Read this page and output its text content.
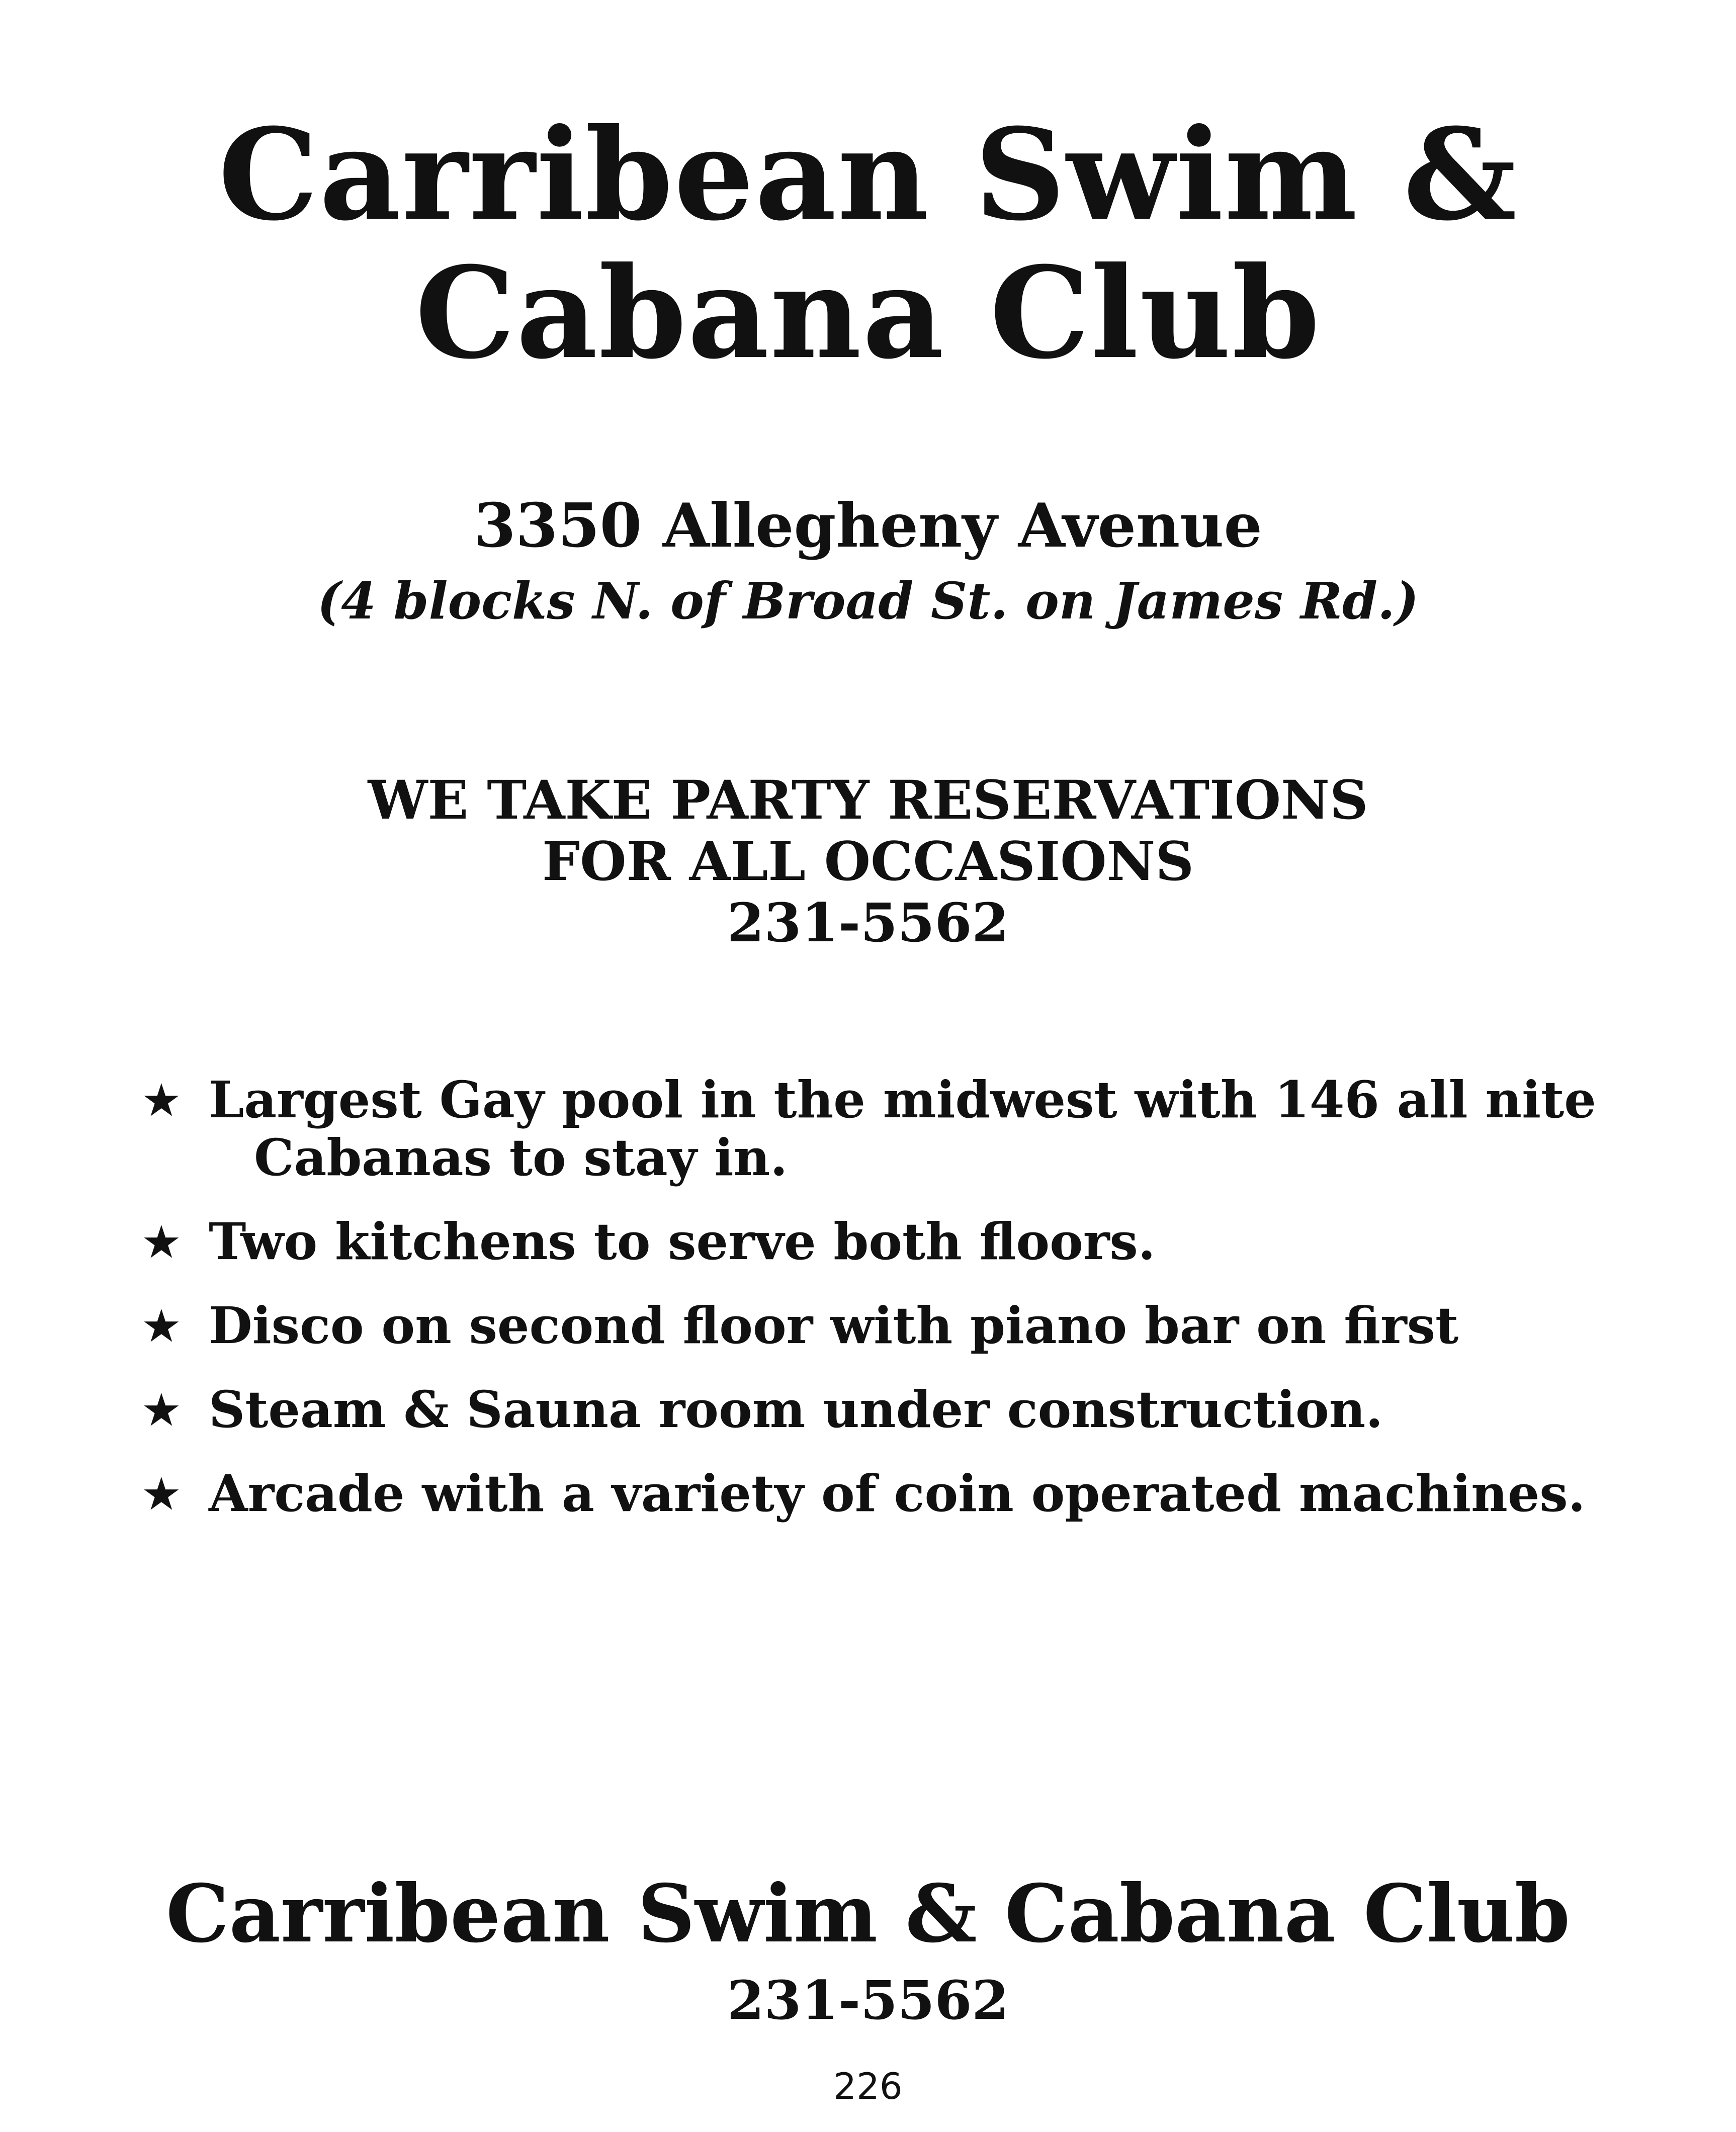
Carribean Swim &
Cabana Club
3350 Allegheny Avenue
(4 blocks N. of Broad St. on James Rd.)
WE TAKE PARTY RESERVATIONS
FOR ALL OCCASIONS
231-5562
★ Largest Gay pool in the midwest with 146 all nite
Cabanas to stay in.
★ Two kitchens to serve both floors.
★ Disco on second floor with piano bar on first
★ Steam & Sauna room under construction.
★ Arcade with a variety of coin operated machines.
Carribean Swim & Cabana Club
231-5562
226
